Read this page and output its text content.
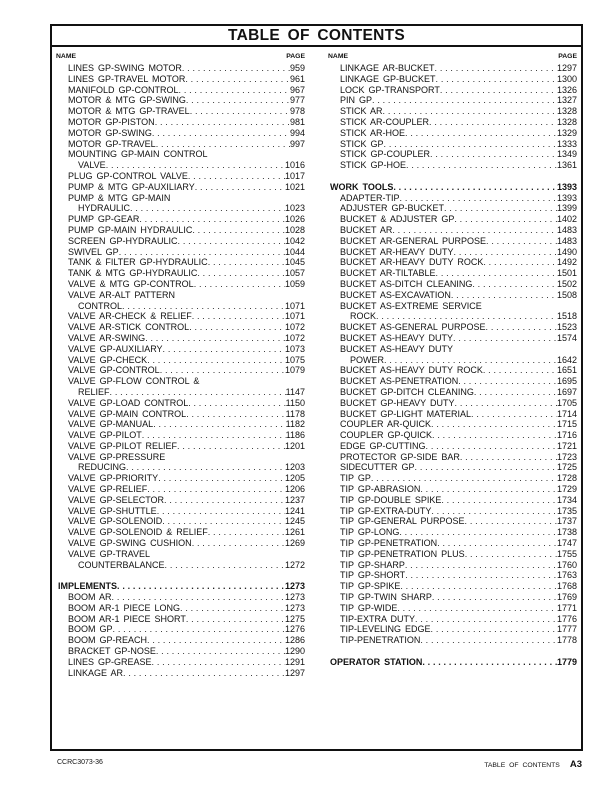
TABLE OF CONTENTS
NAME	PAGE
LINES GP-SWING MOTOR . . .	959
LINES GP-TRAVEL MOTOR . . .	961
MANIFOLD GP-CONTROL . . .	967
MOTOR & MTG GP-SWING . . .	977
MOTOR & MTG GP-TRAVEL . . .	978
MOTOR GP-PISTON . . .	981
MOTOR GP-SWING . . .	994
MOTOR GP-TRAVEL . . .	997
MOUNTING GP-MAIN CONTROL
VALVE . . .	1016
PLUG GP-CONTROL VALVE . . .	1017
PUMP & MTG GP-AUXILIARY . . .	1021
PUMP & MTG GP-MAIN
HYDRAULIC . . .	1023
PUMP GP-GEAR . . .	1026
PUMP GP-MAIN HYDRAULIC . . .	1028
SCREEN GP-HYDRAULIC . . .	1042
SWIVEL GP . . .	1044
TANK & FILTER GP-HYDRAULIC . . .	1045
TANK & MTG GP-HYDRAULIC . . .	1057
VALVE & MTG GP-CONTROL . . .	1059
VALVE AR-ALT PATTERN
CONTROL . . .	1071
VALVE AR-CHECK & RELIEF . . .	1071
VALVE AR-STICK CONTROL . . .	1072
VALVE AR-SWING . . .	1072
VALVE GP-AUXILIARY . . .	1073
VALVE GP-CHECK . . .	1075
VALVE GP-CONTROL . . .	1079
VALVE GP-FLOW CONTROL &
RELIEF . . .	1147
VALVE GP-LOAD CONTROL . . .	1150
VALVE GP-MAIN CONTROL . . .	1178
VALVE GP-MANUAL . . .	1182
VALVE GP-PILOT . . .	1186
VALVE GP-PILOT RELIEF . . .	1201
VALVE GP-PRESSURE
REDUCING . . .	1203
VALVE GP-PRIORITY . . .	1205
VALVE GP-RELIEF . . .	1206
VALVE GP-SELECTOR . . .	1237
VALVE GP-SHUTTLE . . .	1241
VALVE GP-SOLENOID . . .	1245
VALVE GP-SOLENOID & RELIEF . . .	1261
VALVE GP-SWING CUSHION . . .	1269
VALVE GP-TRAVEL
COUNTERBALANCE . . .	1272
IMPLEMENTS . . .	1273
BOOM AR . . .	1273
BOOM AR-1 PIECE LONG . . .	1273
BOOM AR-1 PIECE SHORT . . .	1275
BOOM GP . . .	1276
BOOM GP-REACH . . .	1286
BRACKET GP-NOSE . . .	1290
LINES GP-GREASE . . .	1291
LINKAGE AR . . .	1297
NAME	PAGE
LINKAGE AR-BUCKET . . .	1297
LINKAGE GP-BUCKET . . .	1300
LOCK GP-TRANSPORT . . .	1326
PIN GP . . .	1327
STICK AR . . .	1328
STICK AR-COUPLER . . .	1328
STICK AR-HOE . . .	1329
STICK GP . . .	1333
STICK GP-COUPLER . . .	1349
STICK GP-HOE . . .	1361
WORK TOOLS . . .	1393
ADAPTER-TIP . . .	1393
ADJUSTER GP-BUCKET . . .	1399
BUCKET & ADJUSTER GP . . .	1402
BUCKET AR . . .	1483
BUCKET AR-GENERAL PURPOSE . . .	1483
BUCKET AR-HEAVY DUTY . . .	1490
BUCKET AR-HEAVY DUTY ROCK . . .	1492
BUCKET AR-TILTABLE . . .	1501
BUCKET AS-DITCH CLEANING . . .	1502
BUCKET AS-EXCAVATION . . .	1508
BUCKET AS-EXTREME SERVICE
ROCK . . .	1518
BUCKET AS-GENERAL PURPOSE . . .	1523
BUCKET AS-HEAVY DUTY . . .	1574
BUCKET AS-HEAVY DUTY
POWER . . .	1642
BUCKET AS-HEAVY DUTY ROCK . . .	1651
BUCKET AS-PENETRATION . . .	1695
BUCKET GP-DITCH CLEANING . . .	1697
BUCKET GP-HEAVY DUTY . . .	1705
BUCKET GP-LIGHT MATERIAL . . .	1714
COUPLER AR-QUICK . . .	1715
COUPLER GP-QUICK . . .	1716
EDGE GP-CUTTING . . .	1721
PROTECTOR GP-SIDE BAR . . .	1723
SIDECUTTER GP . . .	1725
TIP GP . . .	1728
TIP GP-ABRASION . . .	1729
TIP GP-DOUBLE SPIKE . . .	1734
TIP GP-EXTRA-DUTY . . .	1735
TIP GP-GENERAL PURPOSE . . .	1737
TIP GP-LONG . . .	1738
TIP GP-PENETRATION . . .	1747
TIP GP-PENETRATION PLUS . . .	1755
TIP GP-SHARP . . .	1760
TIP GP-SHORT . . .	1763
TIP GP-SPIKE . . .	1768
TIP GP-TWIN SHARP . . .	1769
TIP GP-WIDE . . .	1771
TIP-EXTRA DUTY . . .	1776
TIP-LEVELING EDGE . . .	1777
TIP-PENETRATION . . .	1778
OPERATOR STATION . . .	1779
CCRC3073-36	TABLE OF CONTENTS A3
